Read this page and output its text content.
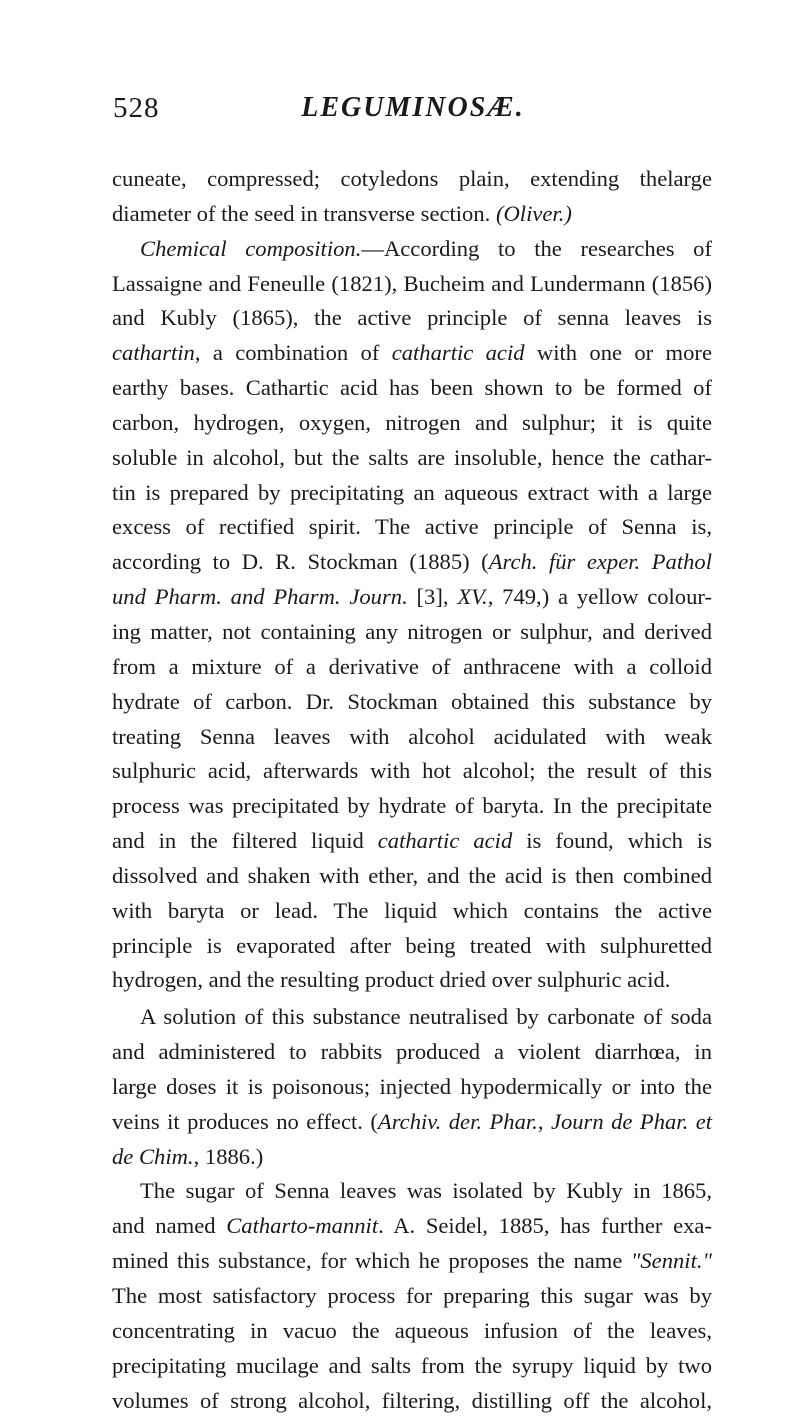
528	LEGUMINOSÆ.

cuneate, compressed; cotyledons plain, extending thelarge
diameter of the seed in transverse section. (Oliver.)

Chemical composition.—According to the researches of

Lassaigne and Feneulle (1821), Bucheim and Lundermann (1856)
and Kubly (1865), the active principle of senna leaves is
cathartin, a combination of cathartic acid with one or more
earthy bases. Cathartic acid has been shown to be formed of
carbon, hydrogen, oxygen, nitrogen and sulphur; it is quite
soluble in alcohol, but the salts are insoluble, hence the cathar-
tin is prepared by precipitating an aqueous extract with a large
excess of rectified spirit. The active principle of Senna is,
according to D. R. Stockman (1885) (Arch. für exper. Pathol
und Pharm. and Pharm. Journ. [3], XV., 749,) a yellow colour-
ing matter, not containing any nitrogen or sulphur, and derived
from a mixture of a derivative of anthracene with a colloid
hydrate of carbon. Dr. Stockman obtained this substance by
treating Senna leaves with alcohol acidulated with weak
sulphuric acid, afterwards with hot alcohol; the result of this
process was precipitated by hydrate of baryta. In the precipitate
and in the filtered liquid cathartic acid is found, which is
dissolved and shaken with ether, and the acid is then combined
with baryta or lead. The liquid which contains the active
principle is evaporated after being treated with sulphuretted
hydrogen, and the resulting product dried over sulphuric acid.

A solution of this substance neutralised by carbonate of soda

and administered to rabbits produced a violent diarrhœa, in
large doses it is poisonous; injected hypodermically or into the
veins it produces no effect. (Archiv. der. Phar., Journ de Phar. et
de Chim., 1886.)

The sugar of Senna leaves was isolated by Kubly in 1865,

and named Catharto-mannit. A. Seidel, 1885, has further exa-
mined this substance, for which he proposes the name "Sennit."
The most satisfactory process for preparing this sugar was by
concentrating in vacuo the aqueous infusion of the leaves,
precipitating mucilage and salts from the syrupy liquid by two
volumes of strong alcohol, filtering, distilling off the alcohol,
